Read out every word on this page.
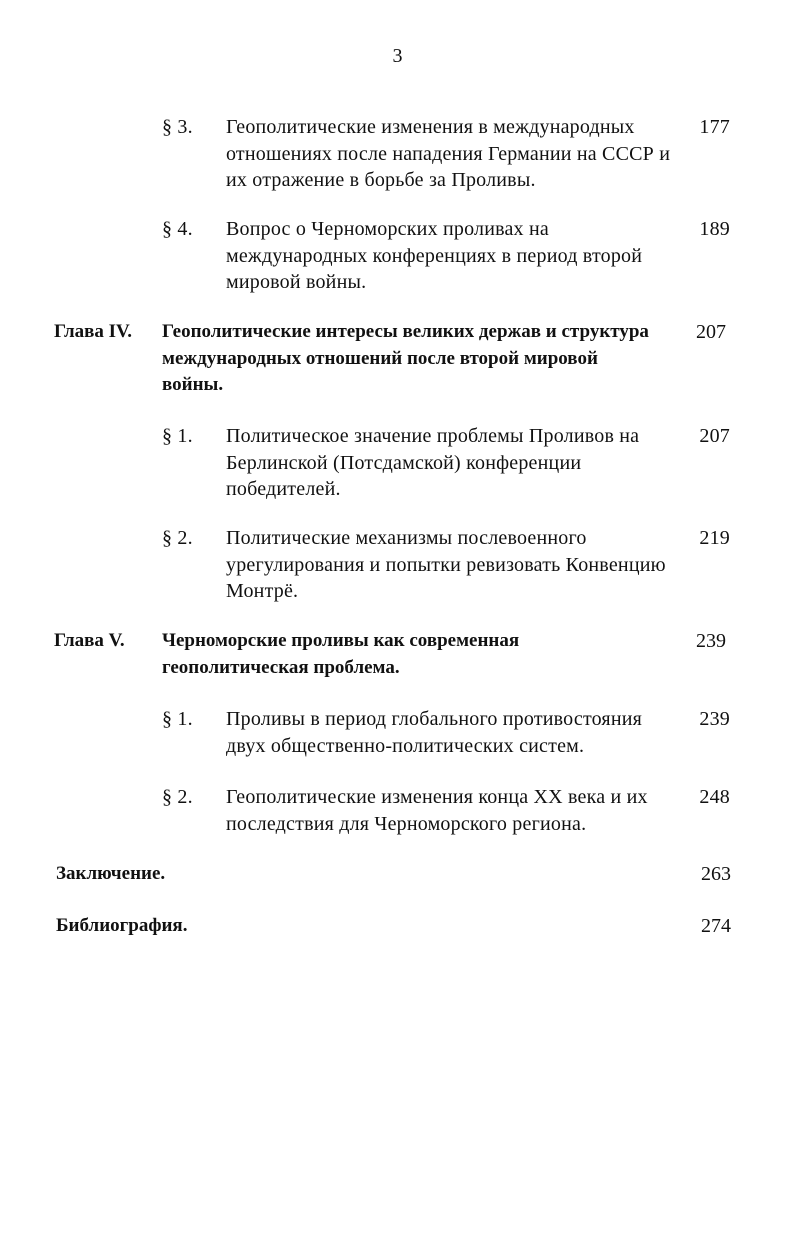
3
§ 3. Геополитические изменения в международных отношениях после нападения Германии на СССР и их отражение в борьбе за Проливы.
177
§ 4. Вопрос о Черноморских проливах на международных конференциях в период второй мировой войны.
189
Глава IV. Геополитические интересы великих держав и структура международных отношений после второй мировой войны.
207
§ 1. Политическое значение проблемы Проливов на Берлинской (Потсдамской) конференции победителей.
207
§ 2. Политические механизмы послевоенного урегулирования и попытки ревизовать Конвенцию Монтрё.
219
Глава V. Черноморские проливы как современная геополитическая проблема.
239
§ 1. Проливы в период глобального противостояния двух общественно-политических систем.
239
§ 2. Геополитические изменения конца XX века и их последствия для Черноморского региона.
248
Заключение.	263
Библиография.	274
